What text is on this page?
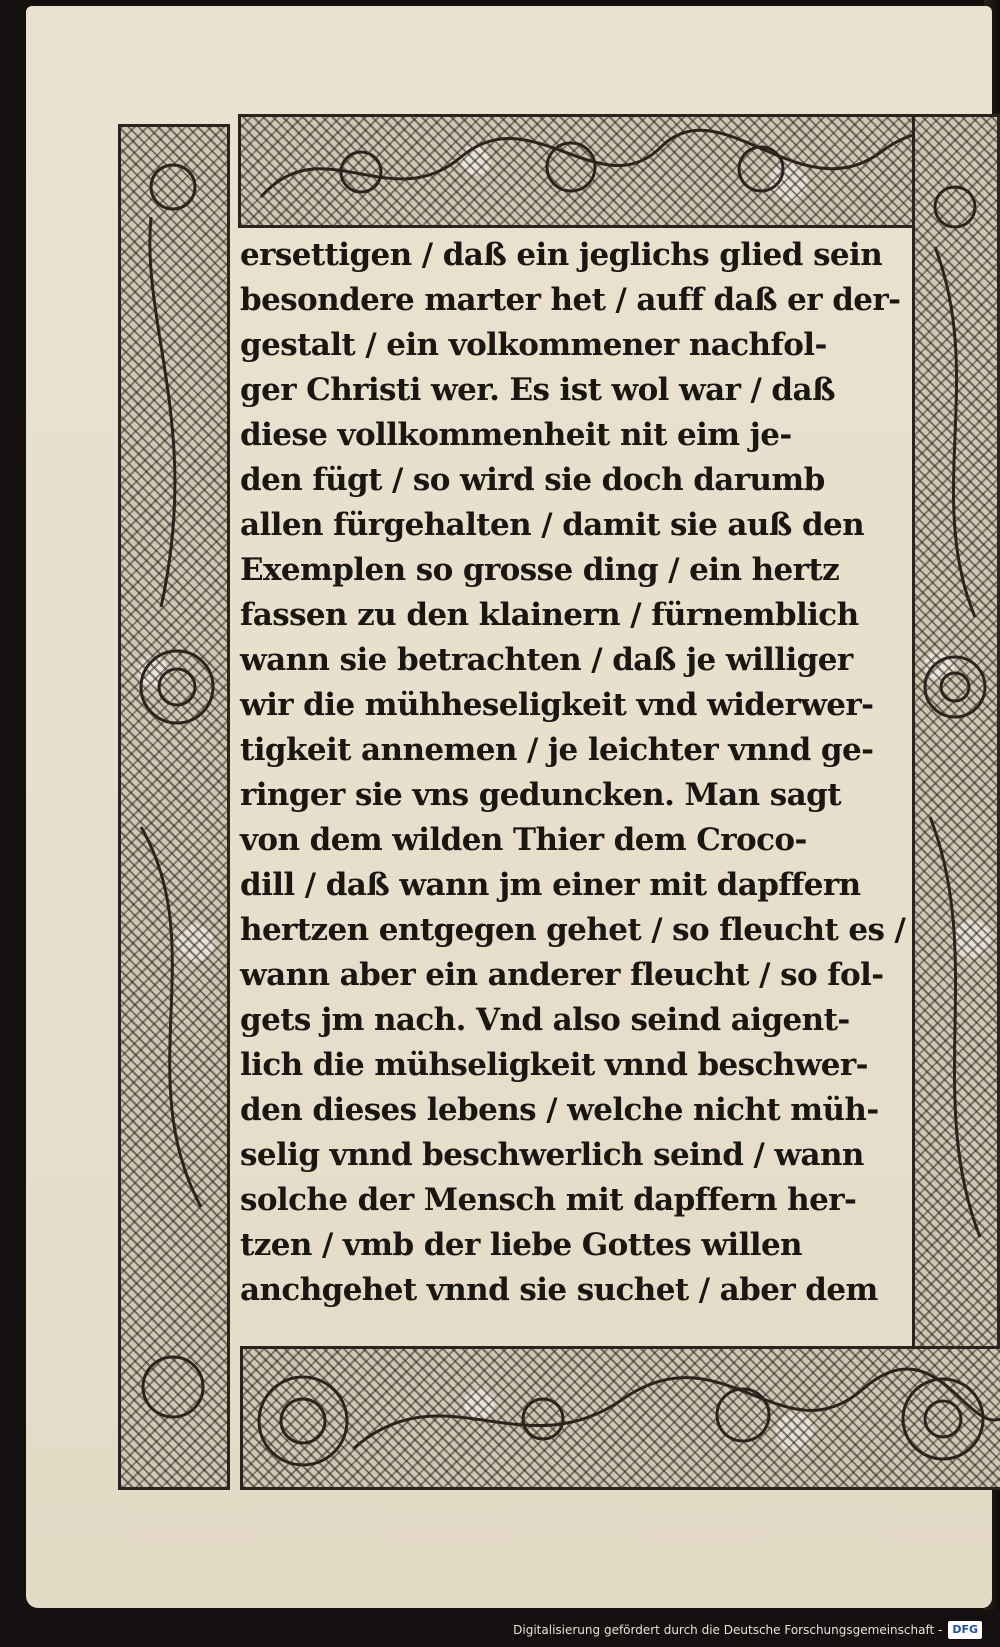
ersettigen / daß ein jeglichs glied sein
besondere marter het / auff daß er der-
gestalt / ein volkommener nachfol-
ger Christi wer. Es ist wol war / daß
diese vollkommenheit nit eim je-
den fügt / so wird sie doch darumb
allen fürgehalten / damit sie auß den
Exemplen so grosse ding / ein hertz
fassen zu den klainern / fürnemblich
wann sie betrachten / daß je williger
wir die mühheseligkeit vnd widerwer-
tigkeit annemen / je leichter vnnd ge-
ringer sie vns geduncken. Man sagt
von dem wilden Thier dem Croco-
dill / daß wann jm einer mit dapffern
hertzen entgegen gehet / so fleucht es /
wann aber ein anderer fleucht / so fol-
gets jm nach. Vnd also seind aigent-
lich die mühseligkeit vnnd beschwer-
den dieses lebens / welche nicht müh-
selig vnnd beschwerlich seind / wann
solche der Mensch mit dapffern her-
tzen / vmb der liebe Gottes willen
anchgehet vnnd sie suchet / aber dem
Digitalisierung gefördert durch die Deutsche Forschungsgemeinschaft - DFG
